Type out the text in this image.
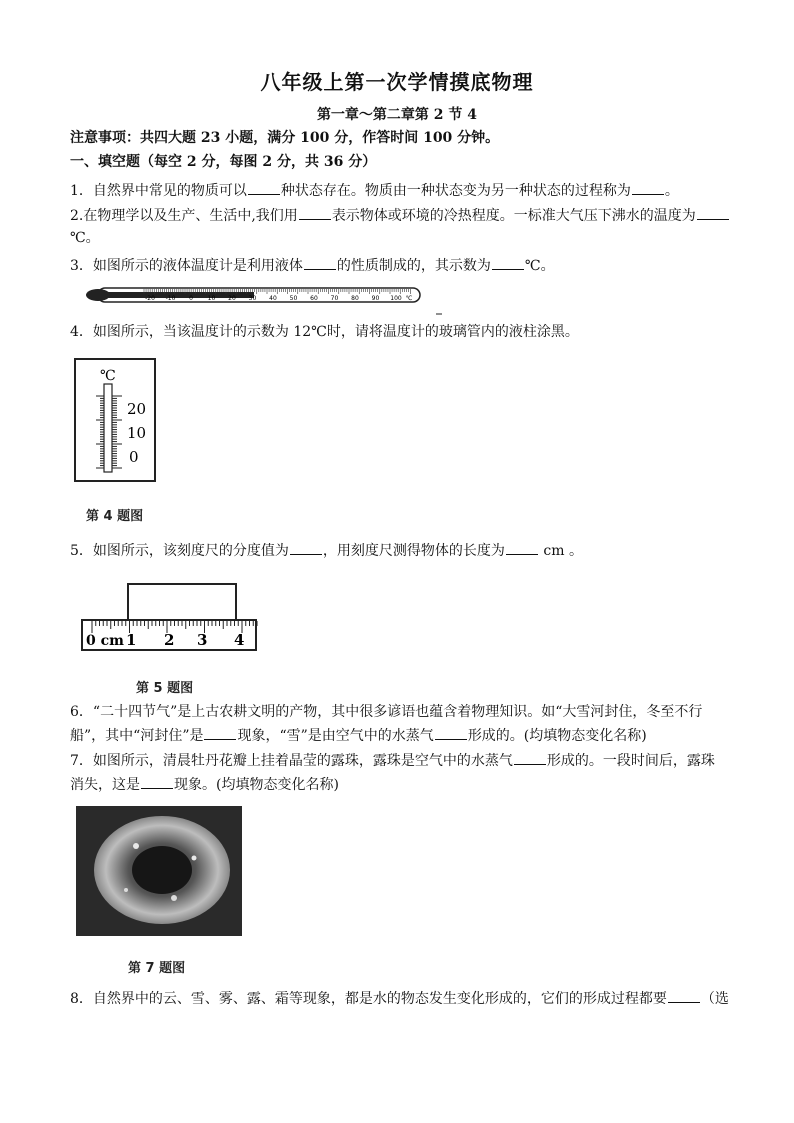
八年级上第一次学情摸底物理
第一章～第二章第 2 节 4
注意事项：共四大题 23 小题，满分 100 分，作答时间 100 分钟。
一、填空题（每空 2 分，每图 2 分，共 36 分）
1．自然界中常见的物质可以 种状态存在。物质由一种状态变为另一种状态的过程称为 。
2.在物理学以及生产、生活中,我们用 表示物体或环境的冷热程度。一标准大气压下沸水的温度为
℃。
3．如图所示的液体温度计是利用液体 的性质制成的，其示数为 ℃。
-20 -10 0 10 20 30 40 50 60 70 80 90 100 ℃
4．如图所示，当该温度计的示数为 12℃时，请将温度计的玻璃管内的液柱涂黑。
℃
20
10
0
第 4 题图
5．如图所示，该刻度尺的分度值为 ，用刻度尺测得物体的长度为 cm 。
0 cm 1 2 3 4
第 5 题图
6．“二十四节气”是上古农耕文明的产物，其中很多谚语也蕴含着物理知识。如“大雪河封住，冬至不行
船”，其中“河封住”是 现象，“雪”是由空气中的水蒸气 形成的。(均填物态变化名称)
7．如图所示，清晨牡丹花瓣上挂着晶莹的露珠，露珠是空气中的水蒸气 形成的。一段时间后，露珠
消失，这是 现象。(均填物态变化名称)
第 7 题图
8．自然界中的云、雪、雾、露、霜等现象，都是水的物态发生变化形成的，它们的形成过程都要 （选
